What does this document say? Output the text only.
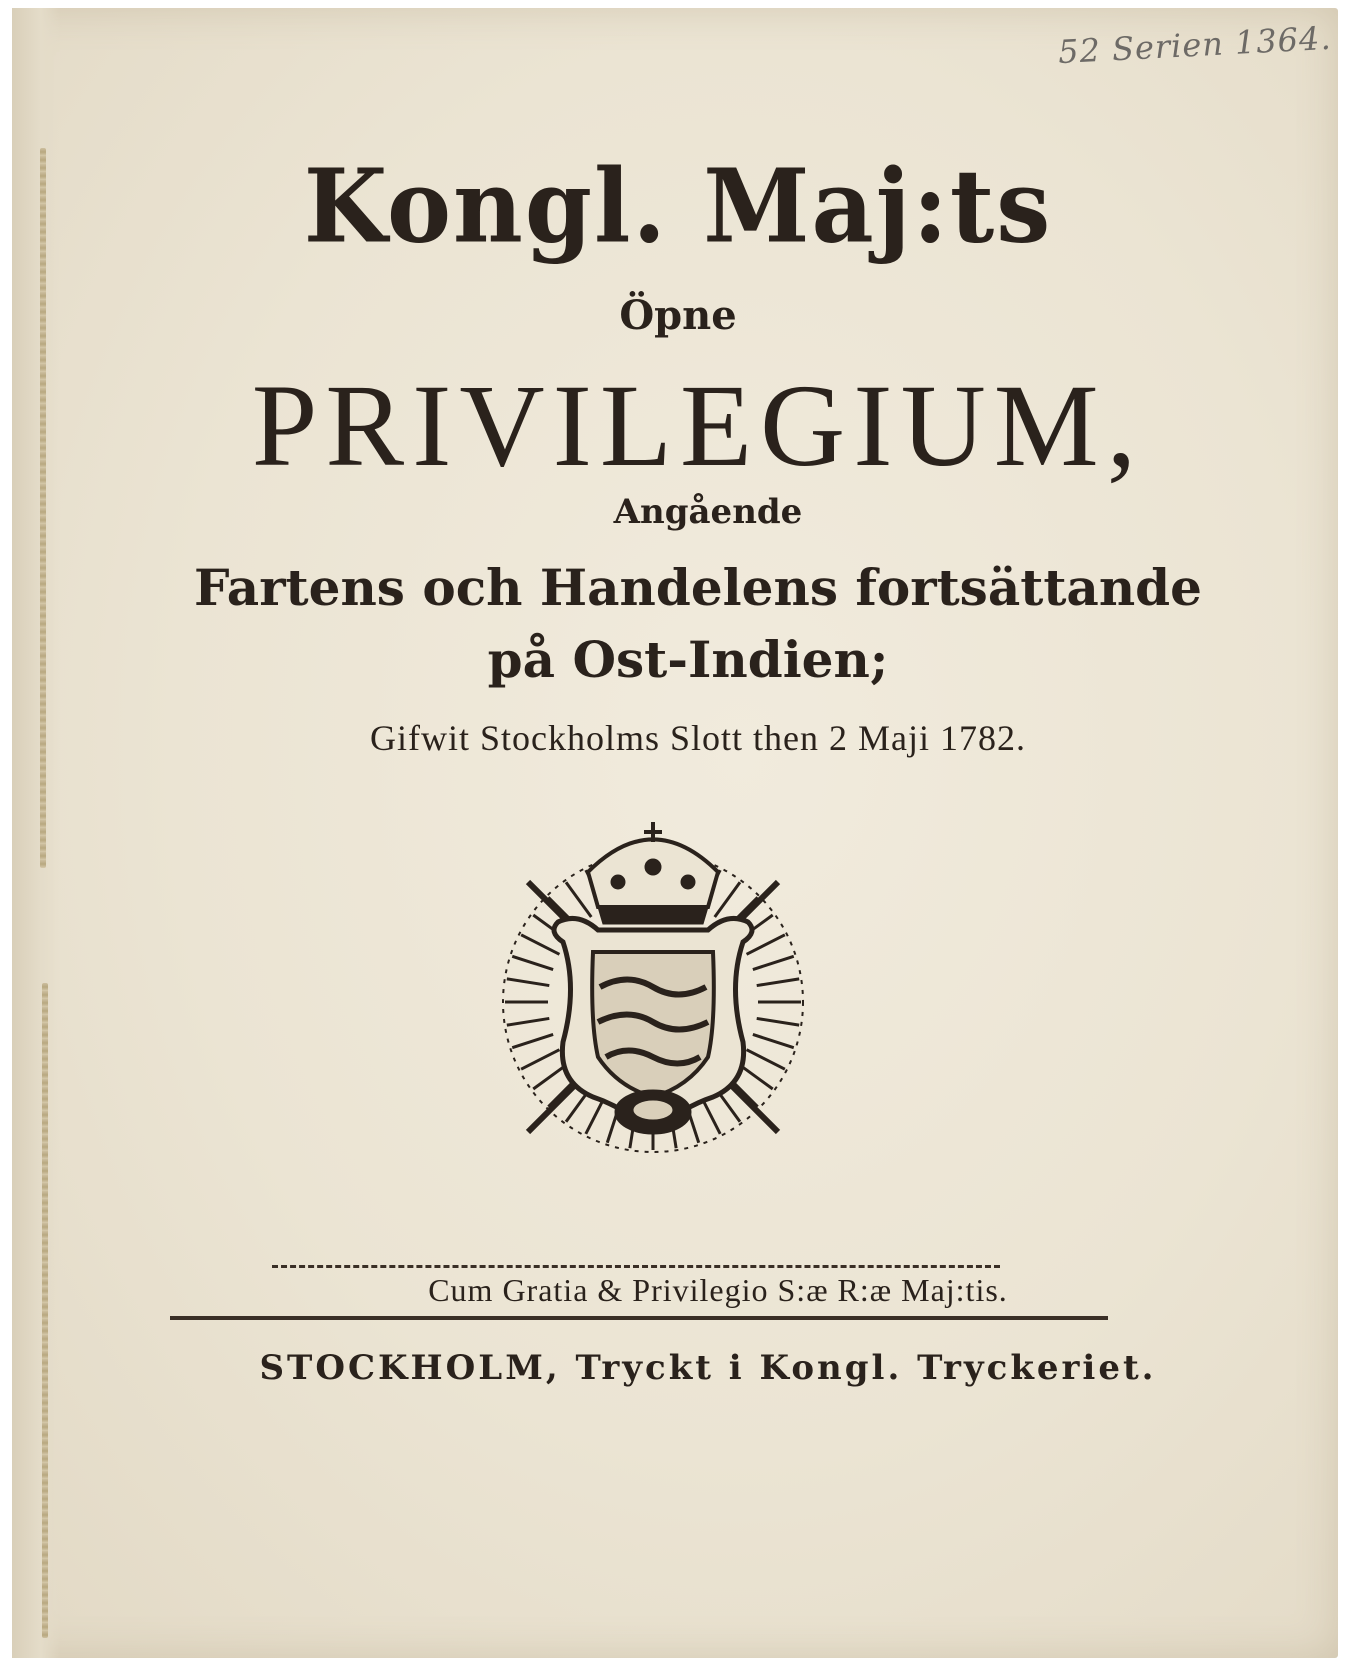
52 Serien 1364.
Kongl. Maj:ts
Öpne
PRIVILEGIUM,
Angående
Fartens och Handelens fortsättande
på Ost-Indien;
Gifwit Stockholms Slott then 2 Maji 1782.
Cum Gratia & Privilegio S:æ R:æ Maj:tis.
STOCKHOLM, Tryckt i Kongl. Tryckeriet.
